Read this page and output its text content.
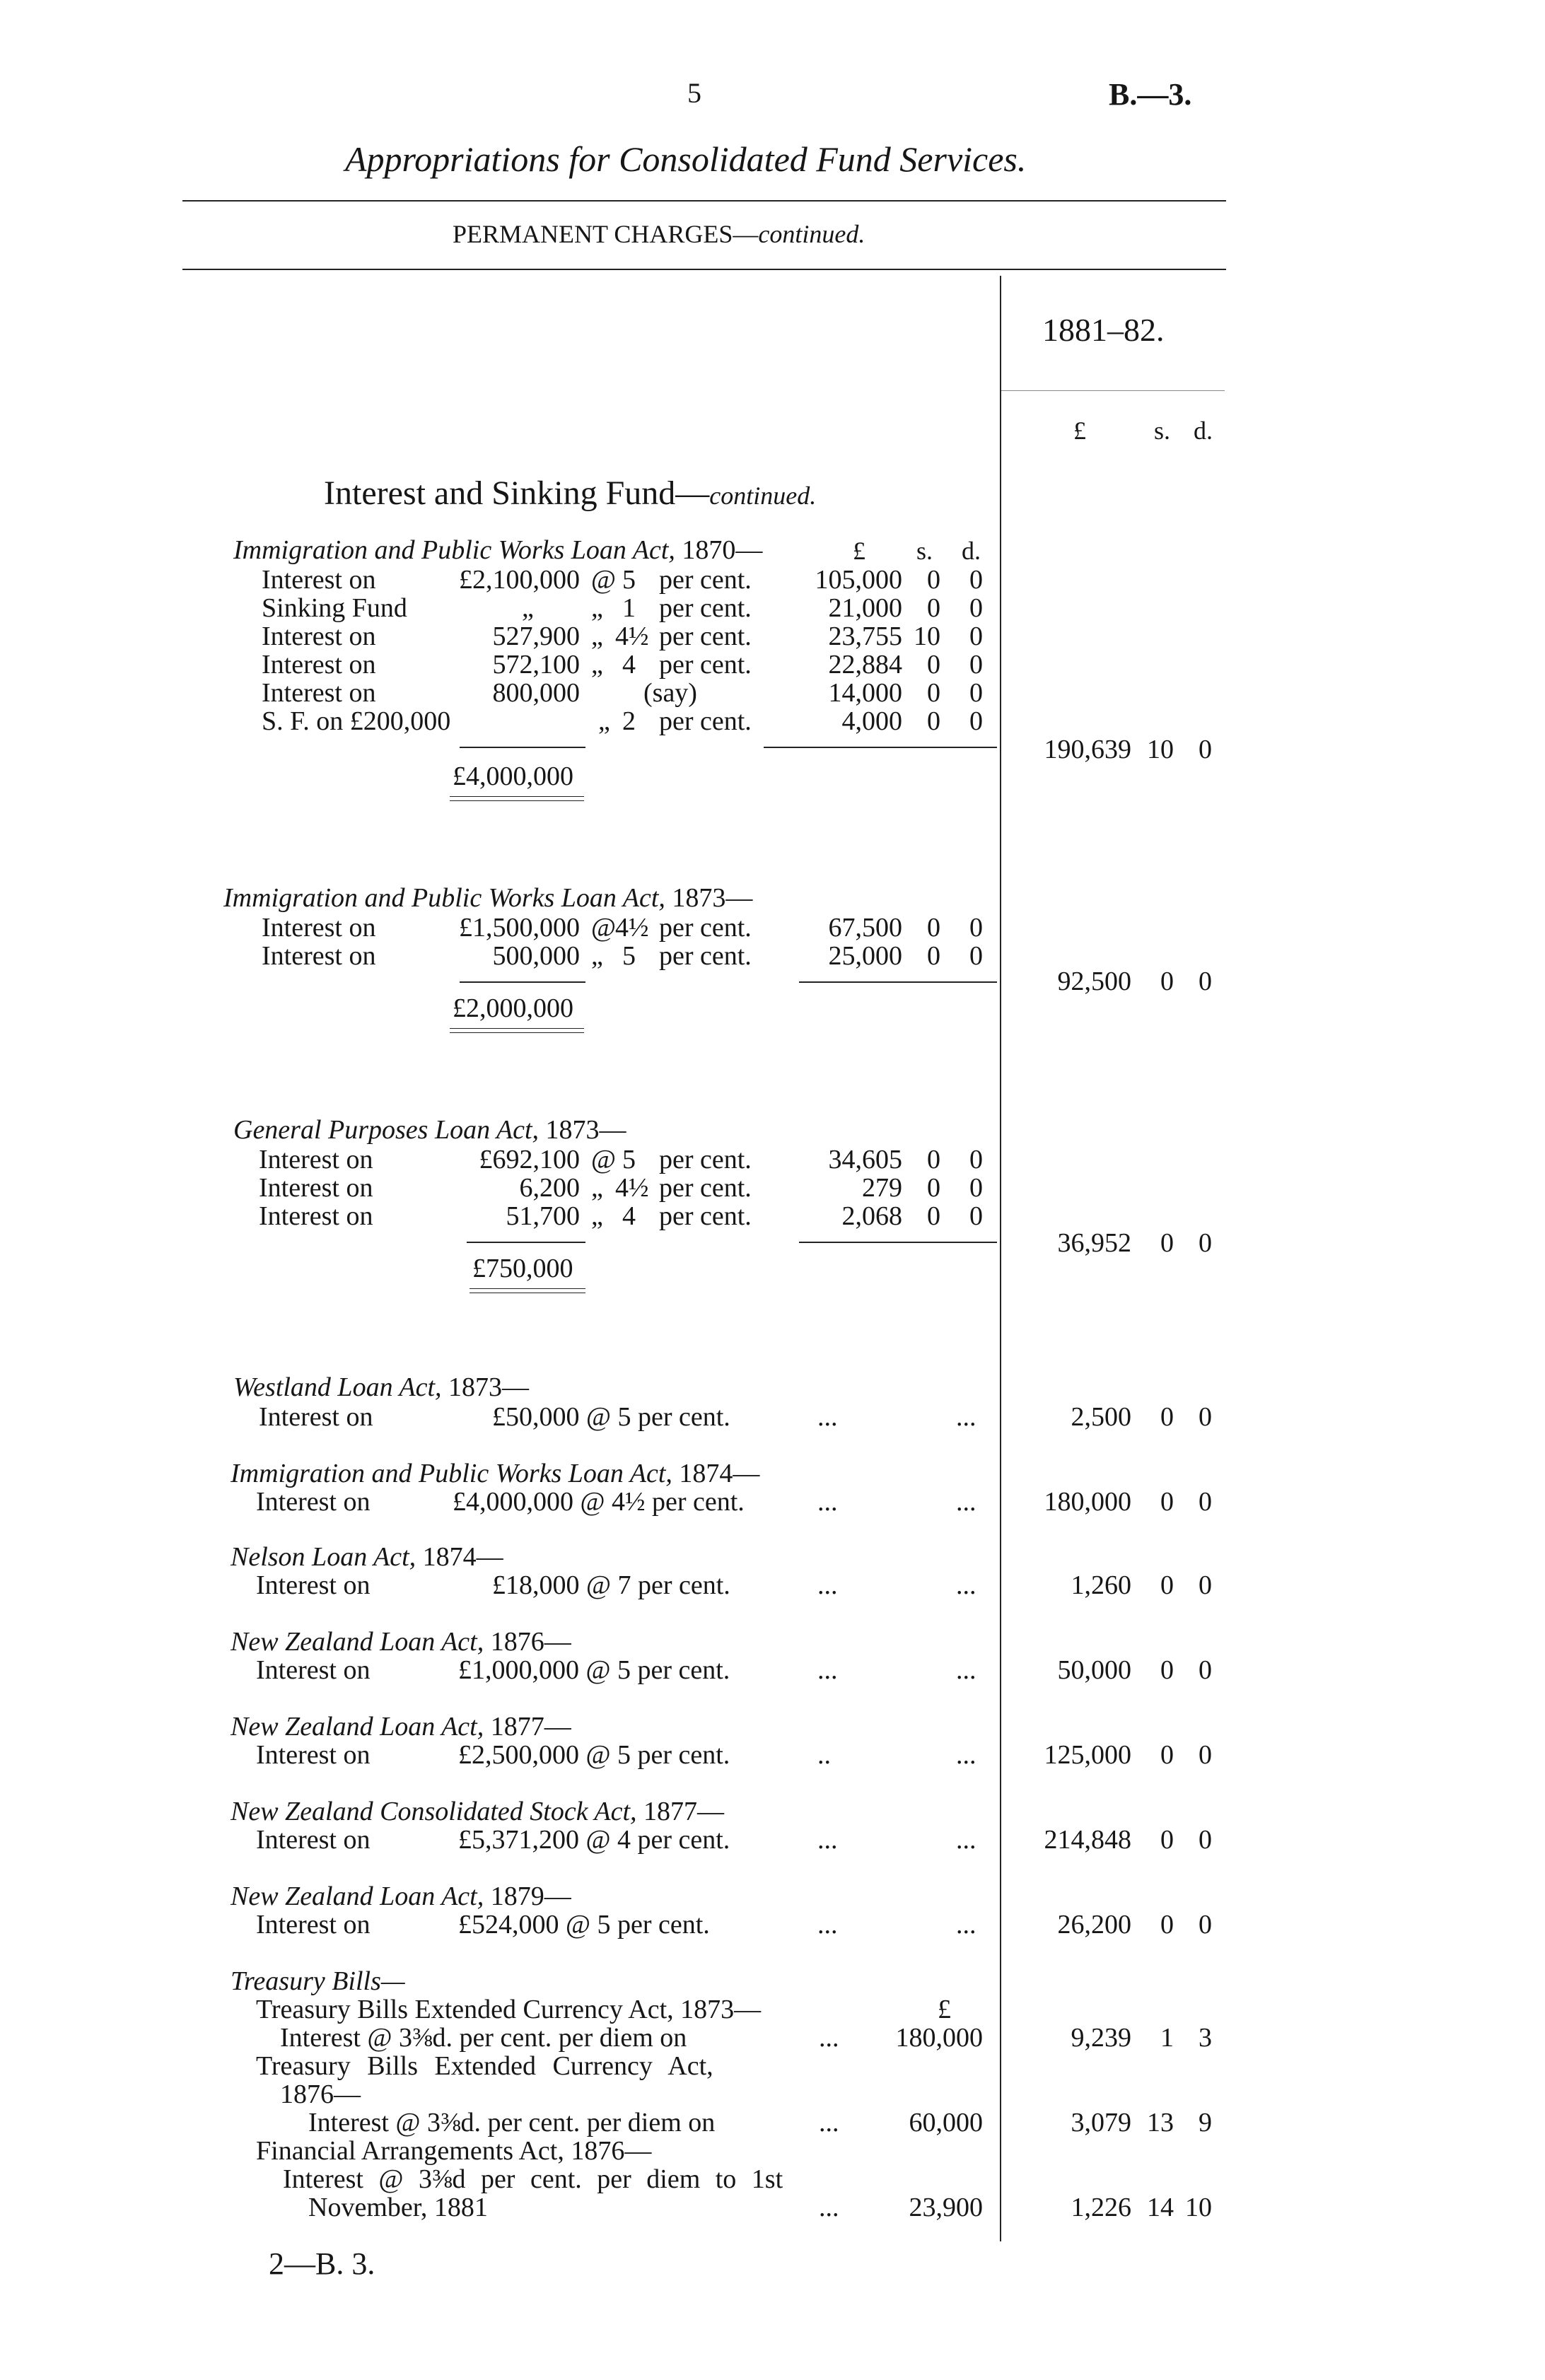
5	B.—3.
Appropriations for Consolidated Fund Services.
PERMANENT CHARGES—continued.
1881–82.
£	s. d.
Interest and Sinking Fund—continued.
Immigration and Public Works Loan Act, 1870—	£ s. d.
Interest on	£2,100,000 @ 5 per cent.	105,000 0	0
Sinking Fund	„ „ 1 per cent.	21,000 0	0
Interest on	527,900 „ 4½ per cent.	23,755 10	0
Interest on	572,100 „ 4 per cent.	22,884 0	0
Interest on	800,000 (say)	14,000 0	0
S. F. on £200,000	„ 2 per cent.	4,000 0	0
£4,000,000
190,639 10 0
Immigration and Public Works Loan Act, 1873—
Interest on	£1,500,000 @ 4½ per cent.	67,500 0	0
Interest on	500,000 „ 5 per cent.	25,000 0	0
£2,000,000
92,500	0 0
General Purposes Loan Act, 1873—
Interest on	£692,100 @ 5 per cent.	34,605 0	0
Interest on	6,200 „ 4½ per cent.	279 0	0
Interest on	51,700 „ 4 per cent.	2,068 0	0
£750,000
36,952	0 0
Westland Loan Act, 1873—
Interest on	£50,000 @ 5 per cent.	...	...	2,500	0 0
Immigration and Public Works Loan Act, 1874—
Interest on	£4,000,000 @ 4½ per cent.	...	...	180,000	0 0
Nelson Loan Act, 1874—
Interest on	£18,000 @ 7 per cent.	...	...	1,260	0 0
New Zealand Loan Act, 1876—
Interest on	£1,000,000 @ 5 per cent.	...	...	50,000	0 0
New Zealand Loan Act, 1877—
Interest on	£2,500,000 @ 5 per cent.	..	...	125,000	0 0
New Zealand Consolidated Stock Act, 1877—
Interest on	£5,371,200 @ 4 per cent.	...	...	214,848	0 0
New Zealand Loan Act, 1879—
Interest on	£524,000 @ 5 per cent.	...	...	26,200	0 0
Treasury Bills—
£
Treasury Bills Extended Currency Act, 1873—
Interest @ 3⅜d. per cent. per diem on	...	180,000	9,239	1 3
Treasury Bills Extended Currency Act,
1876—
Interest @ 3⅜d. per cent. per diem on	...	60,000	3,079 13 9
Financial Arrangements Act, 1876—
Interest @ 3⅜d per cent. per diem to 1st
November, 1881	...	23,900	1,226 14 10
2—B. 3.
